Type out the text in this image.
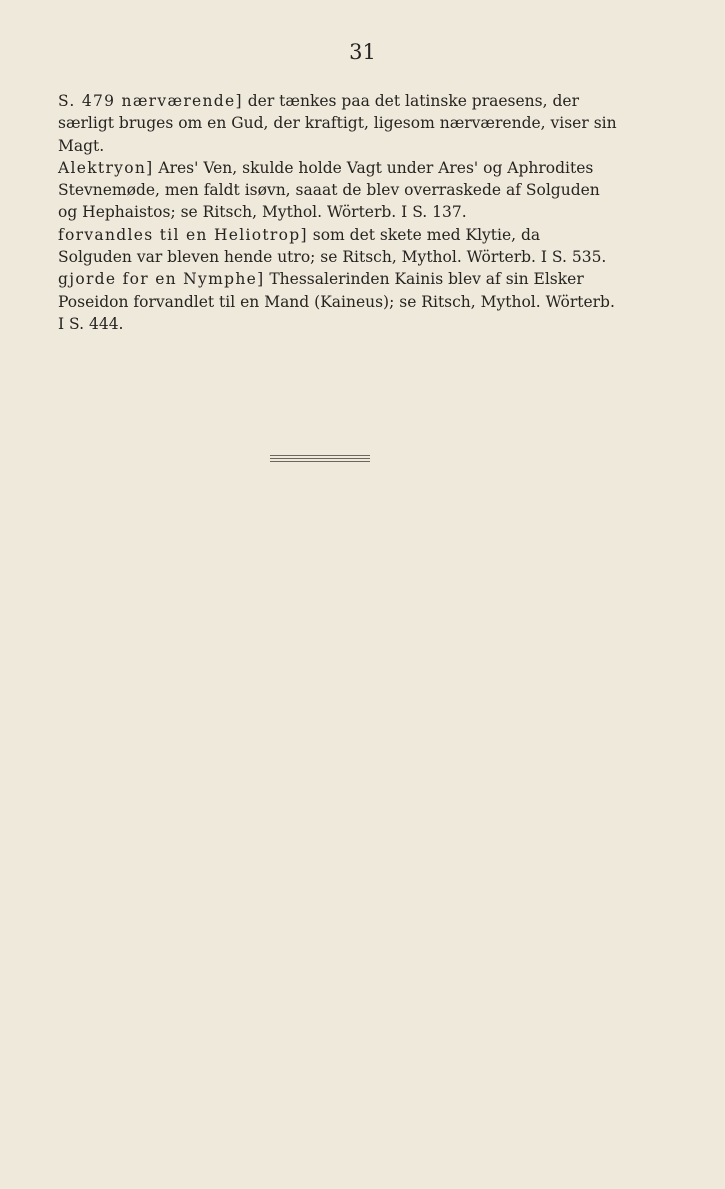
31

S. 479 nærværende] der tænkes paa det latinske praesens, der særligt bruges om en Gud, der kraftigt, ligesom nærværende, viser sin Magt.

Alektryon] Ares' Ven, skulde holde Vagt under Ares' og Aphrodites Stevnemøde, men faldt isøvn, saaat de blev overraskede af Solguden og Hephaistos; se Ritsch, Mythol. Wörterb. I S. 137.

forvandles til en Heliotrop] som det skete med Klytie, da Solguden var bleven hende utro; se Ritsch, Mythol. Wörterb. I S. 535.

gjorde for en Nymphe] Thessalerinden Kainis blev af sin Elsker Poseidon forvandlet til en Mand (Kaineus); se Ritsch, Mythol. Wörterb. I S. 444.
